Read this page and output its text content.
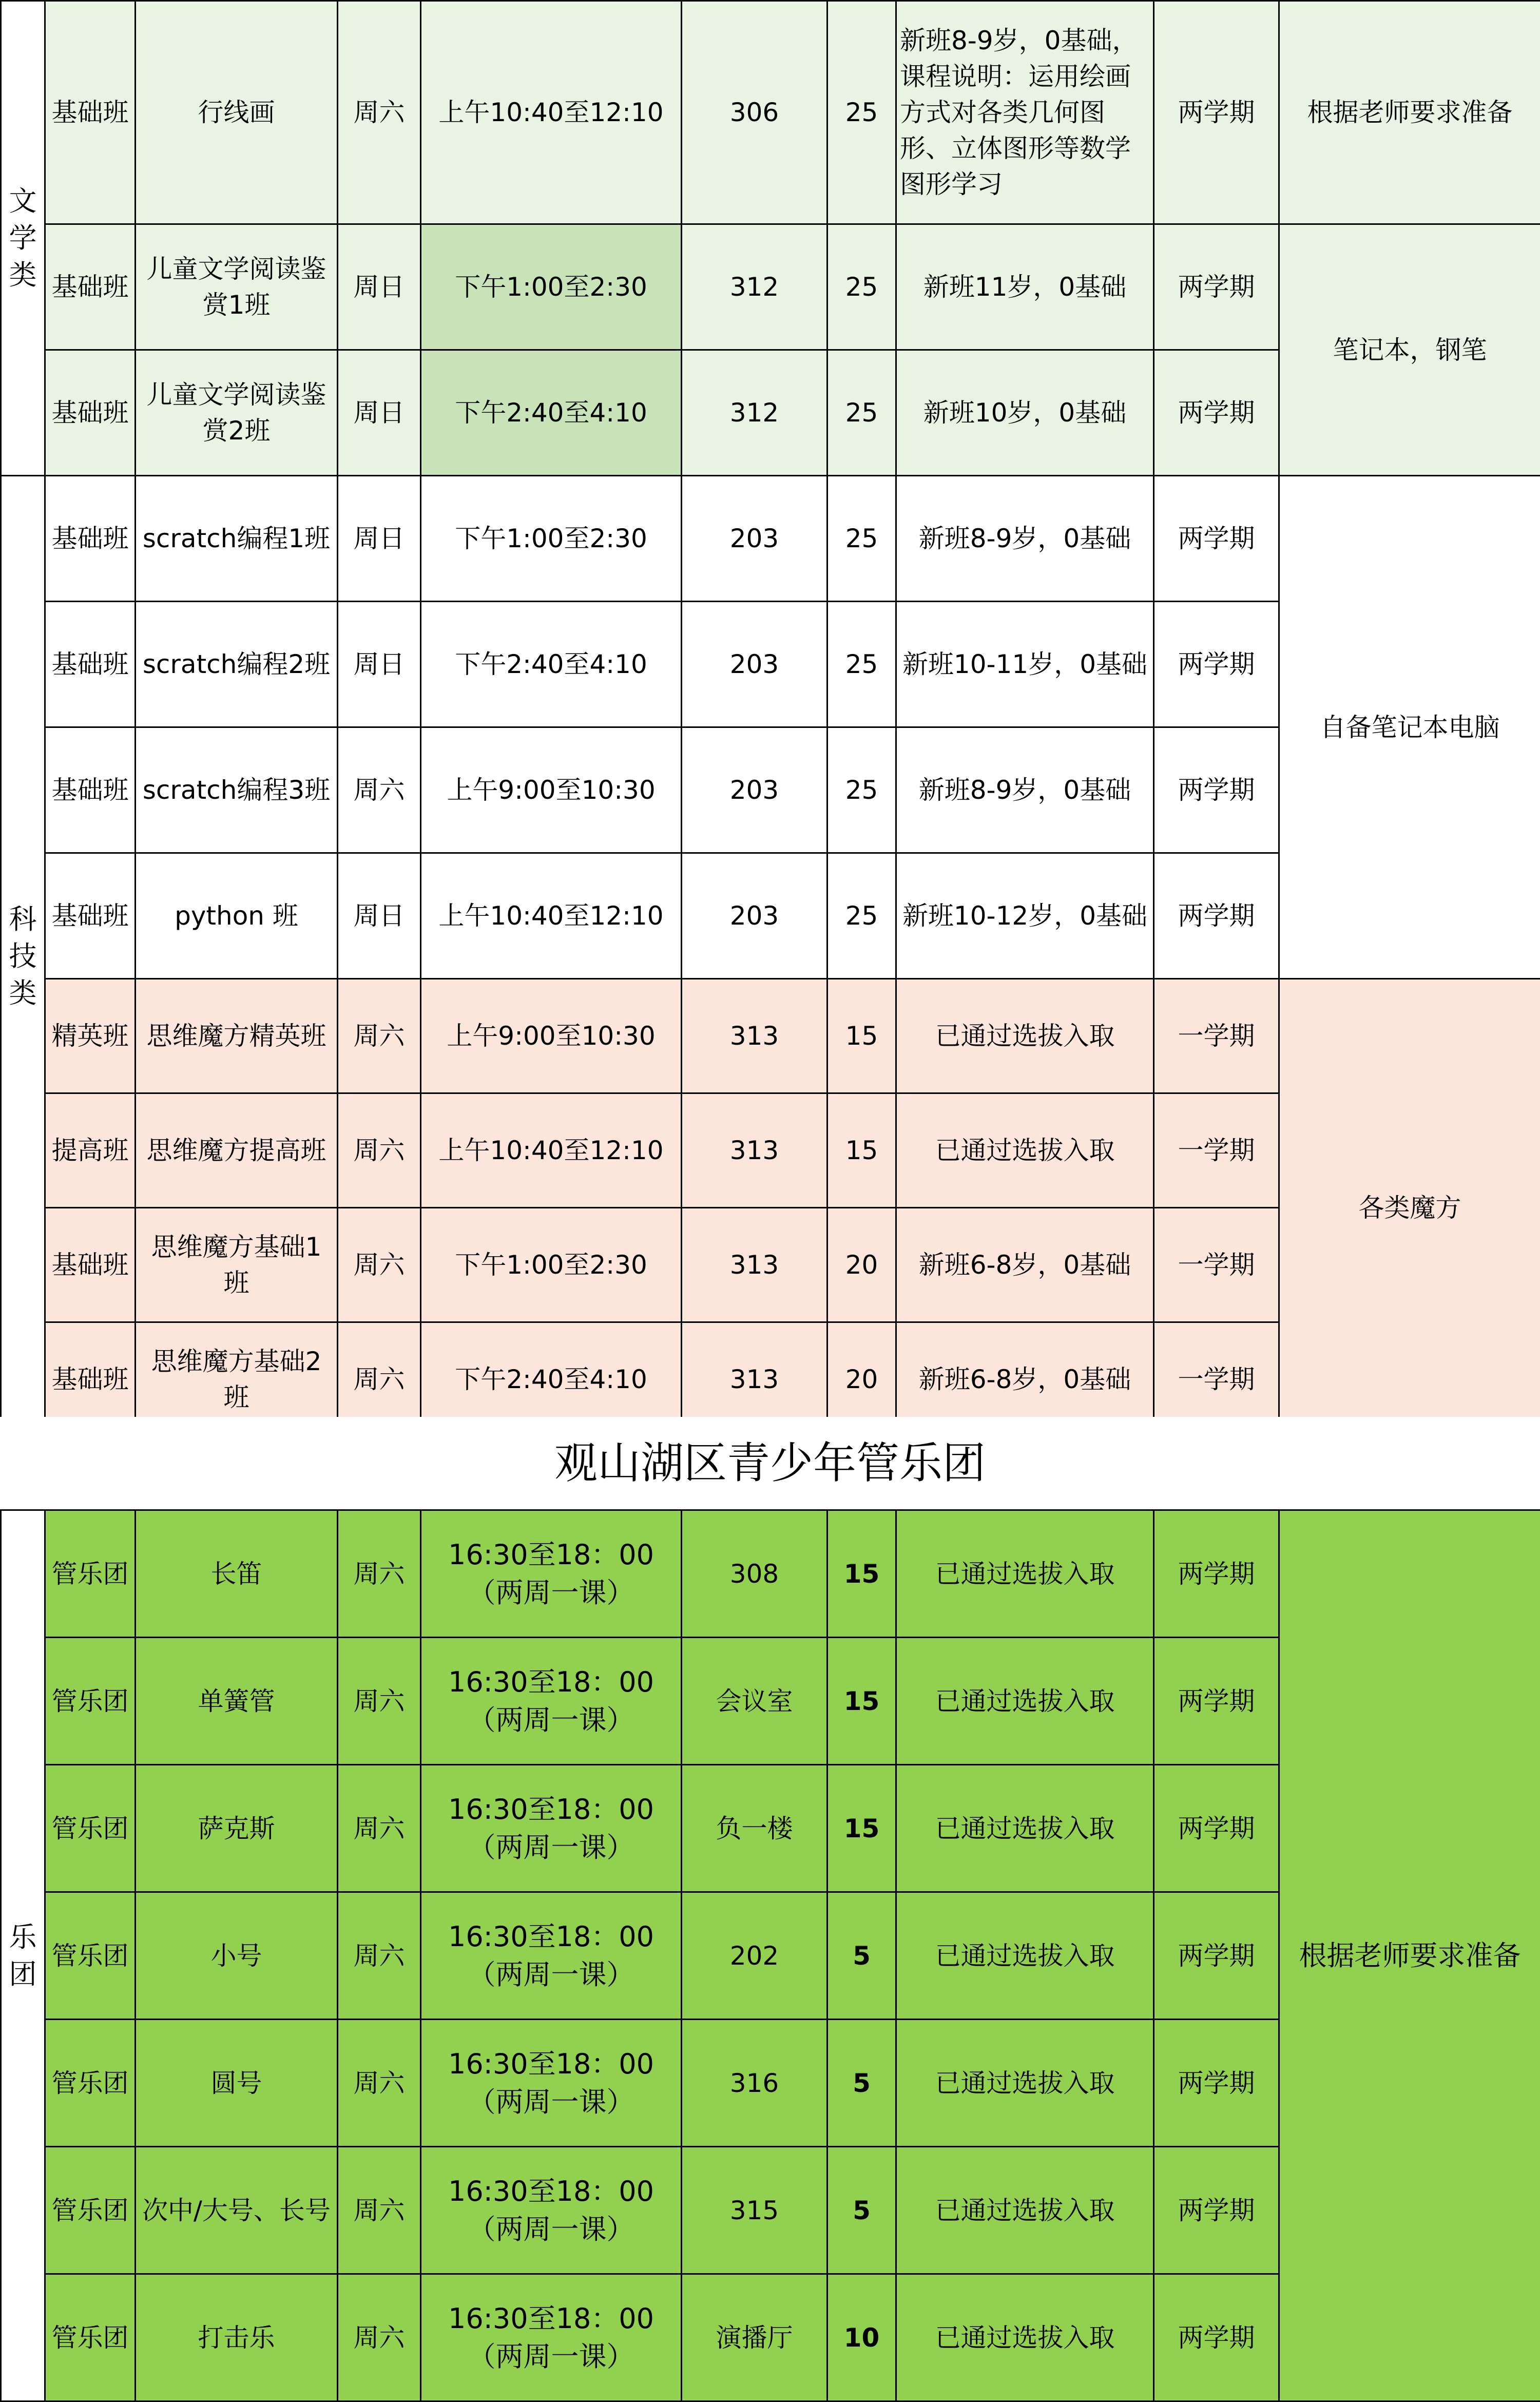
文学类	基础班	行线画	周六	上午10:40至12:10	306	25	新班8-9岁，0基础，课程说明：运用绘画方式对各类几何图形、立体图形等数学图形学习	两学期	根据老师要求准备
	基础班	儿童文学阅读鉴赏1班	周日	下午1:00至2:30	312	25	新班11岁，0基础	两学期	笔记本，钢笔
	基础班	儿童文学阅读鉴赏2班	周日	下午2:40至4:10	312	25	新班10岁，0基础	两学期	
科技类	基础班	scratch编程1班	周日	下午1:00至2:30	203	25	新班8-9岁，0基础	两学期	自备笔记本电脑
	基础班	scratch编程2班	周日	下午2:40至4:10	203	25	新班10-11岁，0基础	两学期	
	基础班	scratch编程3班	周六	上午9:00至10:30	203	25	新班8-9岁，0基础	两学期	
	基础班	python 班	周日	上午10:40至12:10	203	25	新班10-12岁，0基础	两学期	
	精英班	思维魔方精英班	周六	上午9:00至10:30	313	15	已通过选拔入取	一学期	各类魔方
	提高班	思维魔方提高班	周六	上午10:40至12:10	313	15	已通过选拔入取	一学期	
	基础班	思维魔方基础1班	周六	下午1:00至2:30	313	20	新班6-8岁，0基础	一学期	
	基础班	思维魔方基础2班	周六	下午2:40至4:10	313	20	新班6-8岁，0基础	一学期	
观山湖区青少年管乐团
乐团	管乐团	长笛	周六	16:30至18：00（两周一课）	308	15	已通过选拔入取	两学期	根据老师要求准备
	管乐团	单簧管	周六	16:30至18：00（两周一课）	会议室	15	已通过选拔入取	两学期	
	管乐团	萨克斯	周六	16:30至18：00（两周一课）	负一楼	15	已通过选拔入取	两学期	
	管乐团	小号	周六	16:30至18：00（两周一课）	202	5	已通过选拔入取	两学期	
	管乐团	圆号	周六	16:30至18：00（两周一课）	316	5	已通过选拔入取	两学期	
	管乐团	次中/大号、长号	周六	16:30至18：00（两周一课）	315	5	已通过选拔入取	两学期	
	管乐团	打击乐	周六	16:30至18：00（两周一课）	演播厅	10	已通过选拔入取	两学期	
